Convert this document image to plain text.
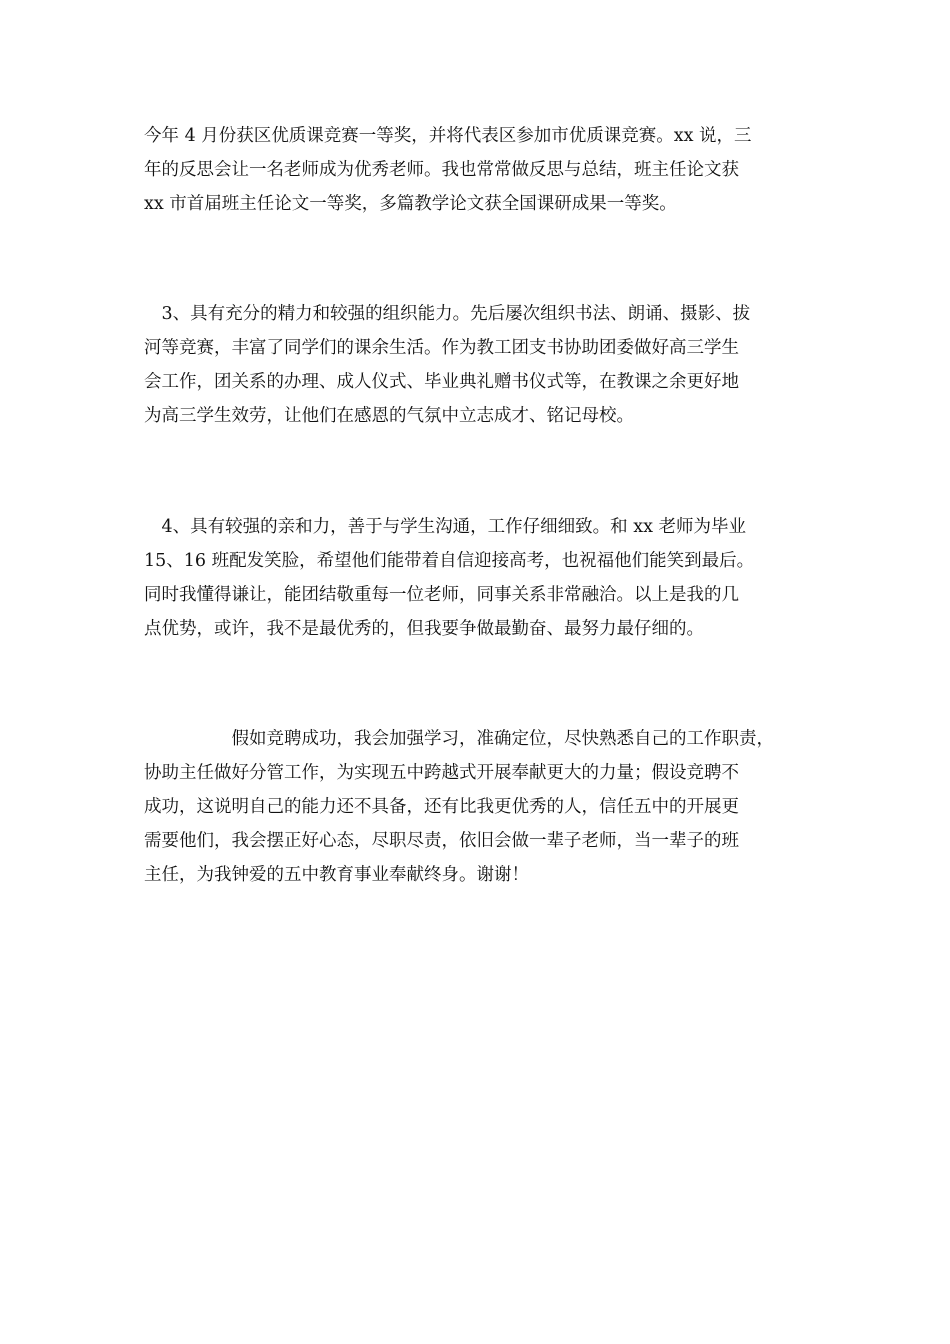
今年 4 月份获区优质课竞赛一等奖，并将代表区参加市优质课竞赛。xx 说，三
年的反思会让一名老师成为优秀老师。我也常常做反思与总结，班主任论文获
xx 市首届班主任论文一等奖，多篇教学论文获全国课研成果一等奖。
　3、具有充分的精力和较强的组织能力。先后屡次组织书法、朗诵、摄影、拔
河等竞赛，丰富了同学们的课余生活。作为教工团支书协助团委做好高三学生
会工作，团关系的办理、成人仪式、毕业典礼赠书仪式等，在教课之余更好地
为高三学生效劳，让他们在感恩的气氛中立志成才、铭记母校。
　4、具有较强的亲和力，善于与学生沟通，工作仔细细致。和 xx 老师为毕业
15、16 班配发笑脸，希望他们能带着自信迎接高考，也祝福他们能笑到最后。
同时我懂得谦让，能团结敬重每一位老师，同事关系非常融洽。以上是我的几
点优势，或许，我不是最优秀的，但我要争做最勤奋、最努力最仔细的。
　　　　　假如竞聘成功，我会加强学习，准确定位，尽快熟悉自己的工作职责，
协助主任做好分管工作，为实现五中跨越式开展奉献更大的力量；假设竞聘不
成功，这说明自己的能力还不具备，还有比我更优秀的人，信任五中的开展更
需要他们，我会摆正好心态，尽职尽责，依旧会做一辈子老师，当一辈子的班
主任，为我钟爱的五中教育事业奉献终身。谢谢！
